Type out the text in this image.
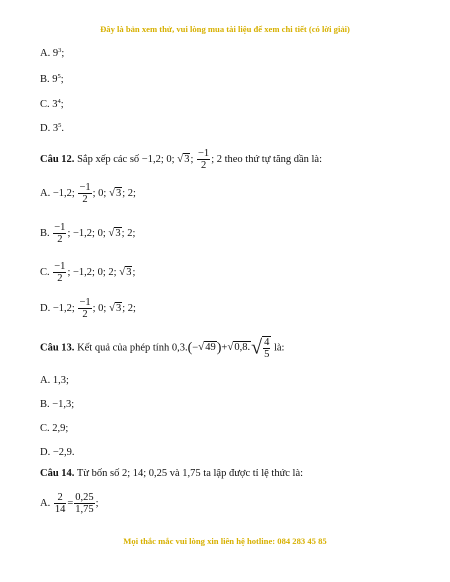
Đây là bản xem thử, vui lòng mua tài liệu để xem chi tiết (có lời giải)
A. $9^3$;
B. $9^5$;
C. $3^4$;
D. $3^5$.
Câu 12. Sắp xếp các số −1,2; 0; √3; $\frac{-1}{2}$ ; 2 theo thứ tự tăng dần là:
A. −1,2; $\frac{-1}{2}$ ; 0; √3; 2;
B. $\frac{-1}{2}$ ; −1,2; 0; √3; 2;
C. $\frac{-1}{2}$ ; −1,2; 0; 2; √3;
D. −1,2; $\frac{-1}{2}$ ; 0; √3; 2;
Câu 13. Kết quả của phép tính $0,3.(-√49)+√0,8.√ \frac{4}{5}$ là:
A. 1,3;
B. −1,3;
C. 2,9;
D. −2,9.
Câu 14. Từ bốn số 2; 14; 0,25 và 1,75 ta lập được tỉ lệ thức là:
A. $\frac{2}{14} = \frac{0,25}{1,75}$ ;
Mọi thắc mắc vui lòng xin liên hệ hotline: 084 283 45 85
